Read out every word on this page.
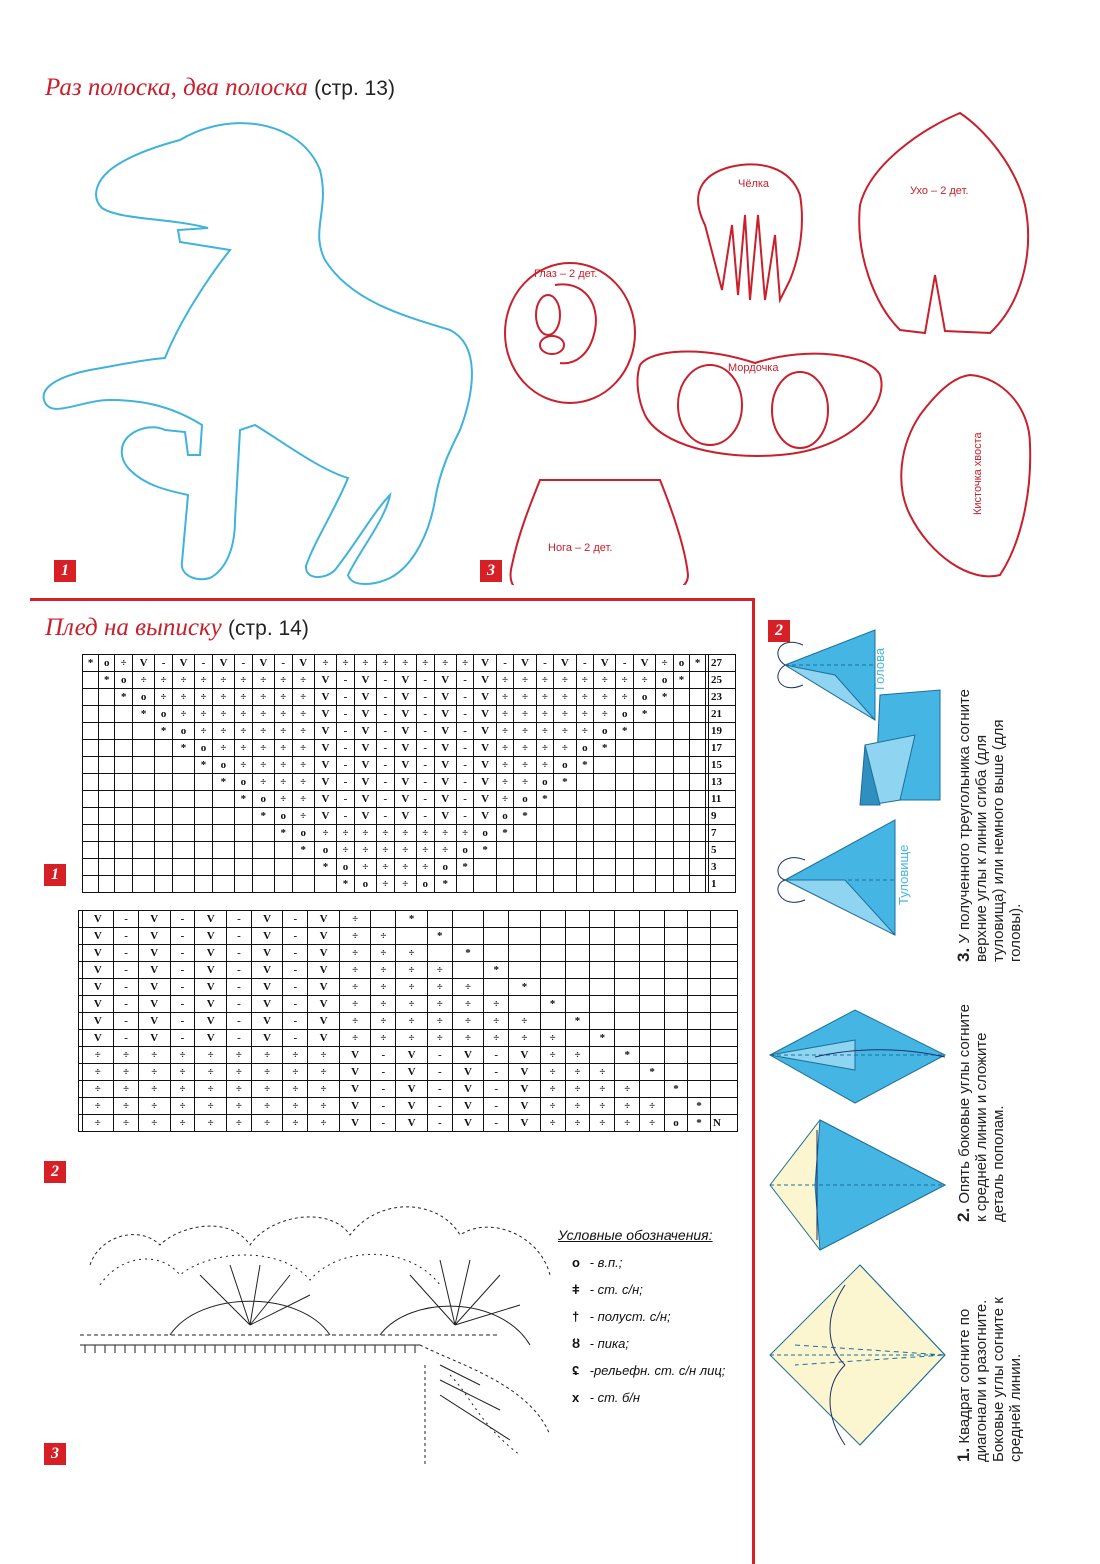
Раз полоска, два полоска (стр. 13)
1
Чёлка
Ухо – 2 дет.
Глаз – 2 дет.
Мордочка
Кисточка хвоста
Нога – 2 дет.
3
Плед на выписку (стр. 14)
*	o	÷	V	-	V	-	V	-	V	-	V	÷	÷	÷	÷	÷	÷	÷	÷	V	-	V	-	V	-	V	-	V	÷	o	*		27
	*	o	÷	÷	÷	÷	÷	÷	÷	÷	÷	V	-	V	-	V	-	V	-	V	÷	÷	÷	÷	÷	÷	÷	÷	o	*			25
		*	o	÷	÷	÷	÷	÷	÷	÷	÷	V	-	V	-	V	-	V	-	V	÷	÷	÷	÷	÷	÷	÷	o	*				23
			*	o	÷	÷	÷	÷	÷	÷	÷	V	-	V	-	V	-	V	-	V	÷	÷	÷	÷	÷	÷	o	*					21
				*	o	÷	÷	÷	÷	÷	÷	V	-	V	-	V	-	V	-	V	÷	÷	÷	÷	÷	o	*						19
					*	o	÷	÷	÷	÷	÷	V	-	V	-	V	-	V	-	V	÷	÷	÷	÷	o	*							17
						*	o	÷	÷	÷	÷	V	-	V	-	V	-	V	-	V	÷	÷	÷	o	*								15
							*	o	÷	÷	÷	V	-	V	-	V	-	V	-	V	÷	÷	o	*									13
								*	o	÷	÷	V	-	V	-	V	-	V	-	V	÷	o	*										11
									*	o	÷	V	-	V	-	V	-	V	-	V	o	*											9
										*	o	÷	÷	÷	÷	÷	÷	÷	÷	o	*												7
											*	o	÷	÷	÷	÷	÷	÷	o	*													5
												*	o	÷	÷	÷	÷	o	*														3
													*	o	÷	÷	o	*															1
1
	V	-	V	-	V	-	V	-	V	÷		*												
	V	-	V	-	V	-	V	-	V	÷	÷		*											
	V	-	V	-	V	-	V	-	V	÷	÷	÷		*										
	V	-	V	-	V	-	V	-	V	÷	÷	÷	÷		*									
	V	-	V	-	V	-	V	-	V	÷	÷	÷	÷	÷		*								
	V	-	V	-	V	-	V	-	V	÷	÷	÷	÷	÷	÷		*							
	V	-	V	-	V	-	V	-	V	÷	÷	÷	÷	÷	÷	÷		*						
	V	-	V	-	V	-	V	-	V	÷	÷	÷	÷	÷	÷	÷	÷		*					
	÷	÷	÷	÷	÷	÷	÷	÷	÷	V	-	V	-	V	-	V	÷	÷		*				
	÷	÷	÷	÷	÷	÷	÷	÷	÷	V	-	V	-	V	-	V	÷	÷	÷		*			
	÷	÷	÷	÷	÷	÷	÷	÷	÷	V	-	V	-	V	-	V	÷	÷	÷	÷		*		
	÷	÷	÷	÷	÷	÷	÷	÷	÷	V	-	V	-	V	-	V	÷	÷	÷	÷	÷		*	
	÷	÷	÷	÷	÷	÷	÷	÷	÷	V	-	V	-	V	-	V	÷	÷	÷	÷	÷	o	*	N
2
3
Условные обозначения:
o - в.п.;
ǂ - ст. с/н;
† - полуст. с/н;
ȣ - пика;
ʢ -рельефн. ст. с/н лиц;
x - ст. б/н
2
Голова
Туловище
3. У полученного треугольника согните верхние углы к линии сгиба (для туловища) или немного выше (для головы).
2. Опять боковые углы согните к средней линии и сложите деталь пополам.
1. Квадрат согните по диагонали и разогните. Боковые углы согните к средней линии.
